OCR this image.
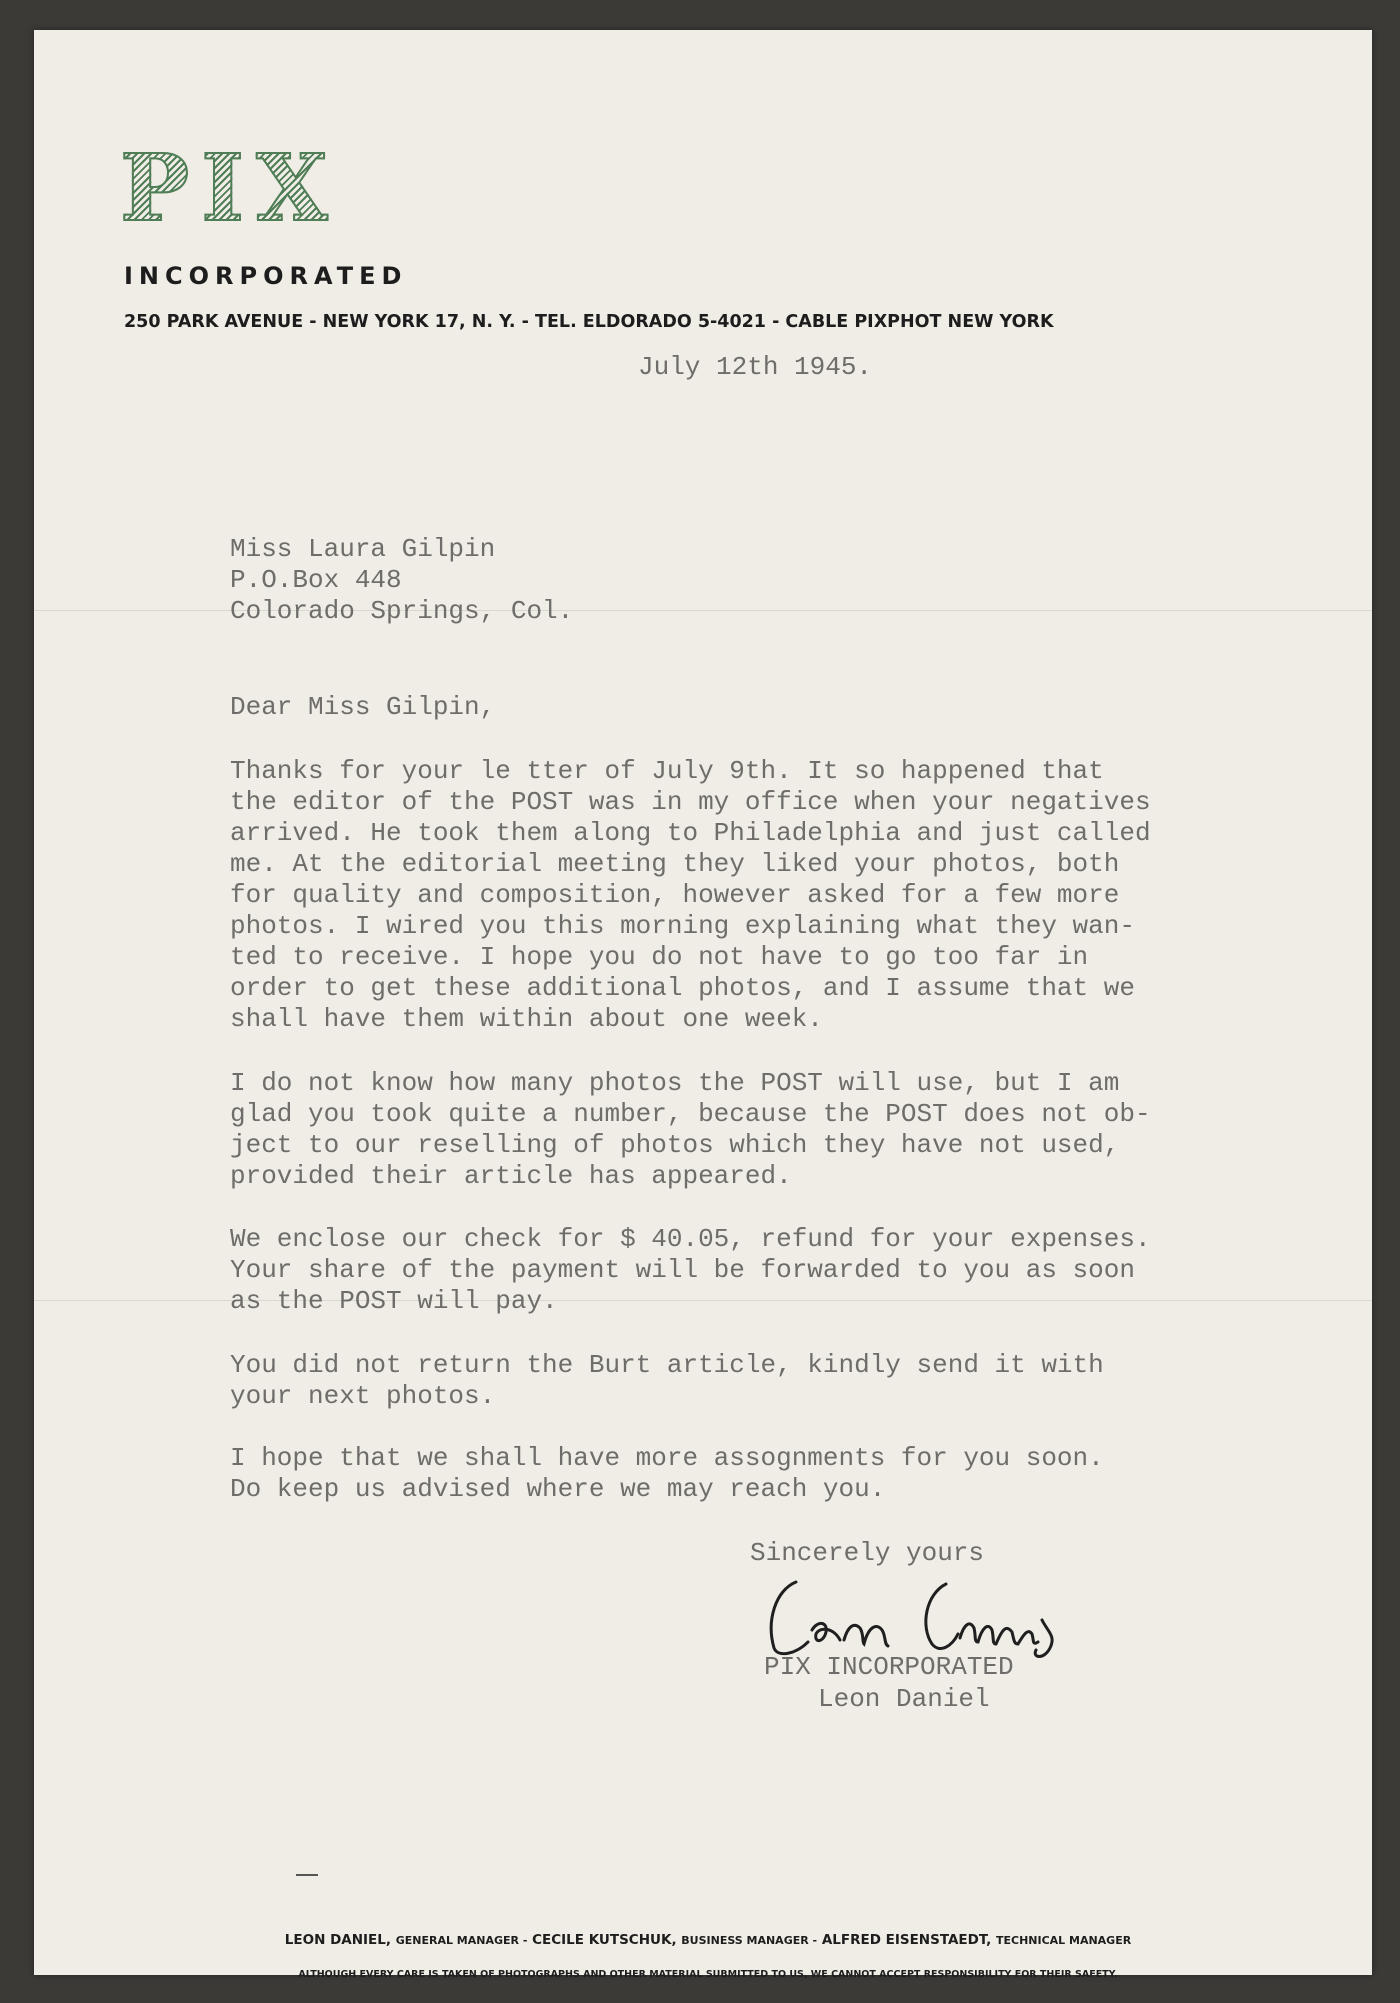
PIX
INCORPORATED
250 PARK AVENUE - NEW YORK 17, N. Y. - TEL. ELDORADO 5-4021 - CABLE PIXPHOT NEW YORK
July 12th 1945.
Miss Laura Gilpin
P.O.Box 448
Colorado Springs, Col.
Dear Miss Gilpin,
Thanks for your le tter of July 9th. It so happened that
the editor of the POST was in my office when your negatives
arrived. He took them along to Philadelphia and just called
me. At the editorial meeting they liked your photos, both
for quality and composition, however asked for a few more
photos. I wired you this morning explaining what they wan-
ted to receive. I hope you do not have to go too far in
order to get these additional photos, and I assume that we
shall have them within about one week.
I do not know how many photos the POST will use, but I am
glad you took quite a number, because the POST does not ob-
ject to our reselling of photos which they have not used,
provided their article has appeared.
We enclose our check for $ 40.05, refund for your expenses.
Your share of the payment will be forwarded to you as soon
as the POST will pay.
You did not return the Burt article, kindly send it with
your next photos.
I hope that we shall have more assognments for you soon.
Do keep us advised where we may reach you.
Sincerely yours
PIX INCORPORATED
Leon Daniel
LEON DANIEL, GENERAL MANAGER - CECILE KUTSCHUK, BUSINESS MANAGER - ALFRED EISENSTAEDT, TECHNICAL MANAGER
ALTHOUGH EVERY CARE IS TAKEN OF PHOTOGRAPHS AND OTHER MATERIAL SUBMITTED TO US, WE CANNOT ACCEPT RESPONSIBILITY FOR THEIR SAFETY.
